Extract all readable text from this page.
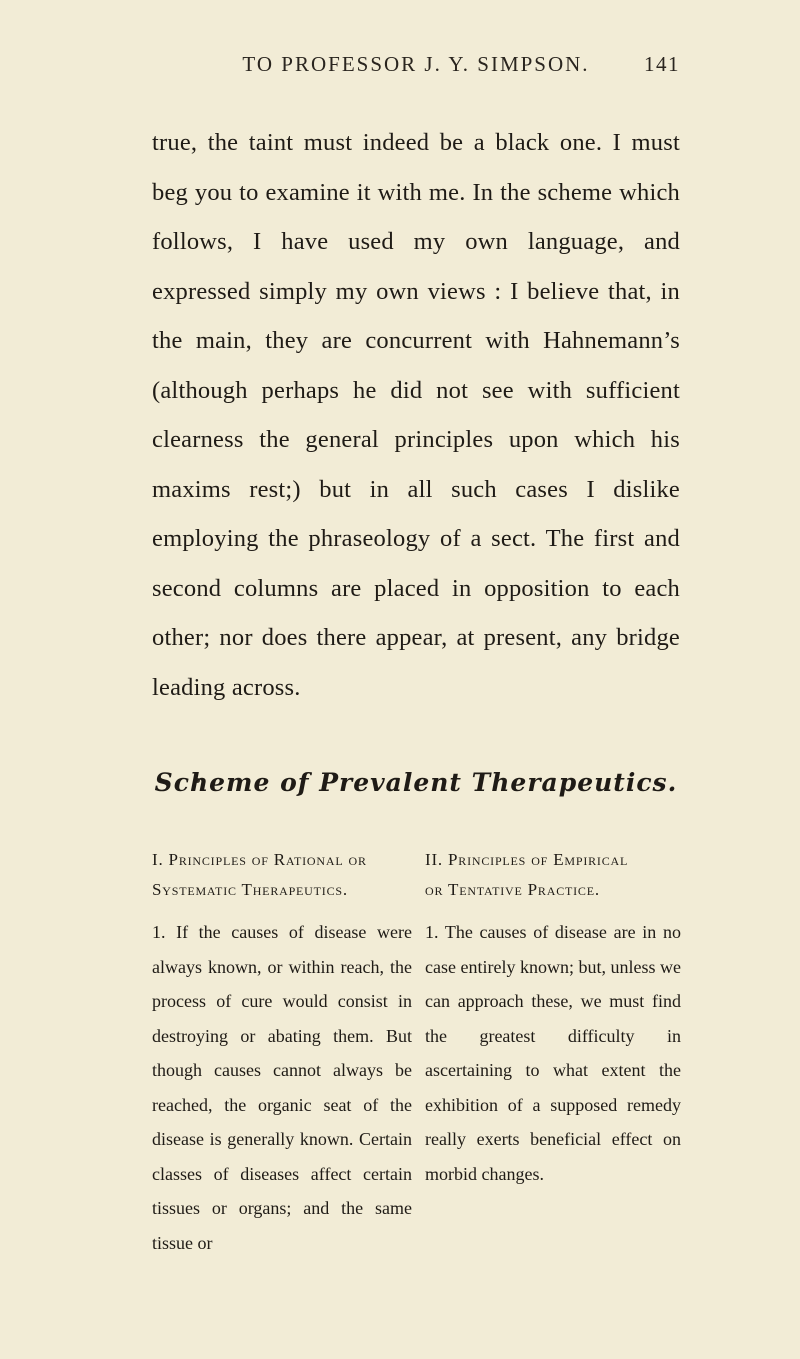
TO PROFESSOR J. Y. SIMPSON.	141

true, the taint must indeed be a black one. I must beg you to examine it with me. In the scheme which follows, I have used my own language, and expressed simply my own views : I believe that, in the main, they are concurrent with Hahnemann’s (although perhaps he did not see with sufficient clearness the general principles upon which his maxims rest;) but in all such cases I dislike employing the phraseology of a sect. The first and second columns are placed in opposition to each other; nor does there appear, at present, any bridge leading across.

Scheme of Prevalent Therapeutics.
I. Principles of Rational or
Systematic Therapeutics.

1. If the causes of disease were always known, or within reach, the process of cure would consist in destroying or abating them. But though causes cannot always be reached, the organic seat of the disease is generally known. Certain classes of diseases affect certain tissues or organs; and the same tissue or

II. Principles of Empirical
or Tentative Practice.

1. The causes of disease are in no case entirely known; but, unless we can approach these, we must find the greatest difficulty in ascertaining to what extent the exhibition of a supposed remedy really exerts beneficial effect on morbid changes.
